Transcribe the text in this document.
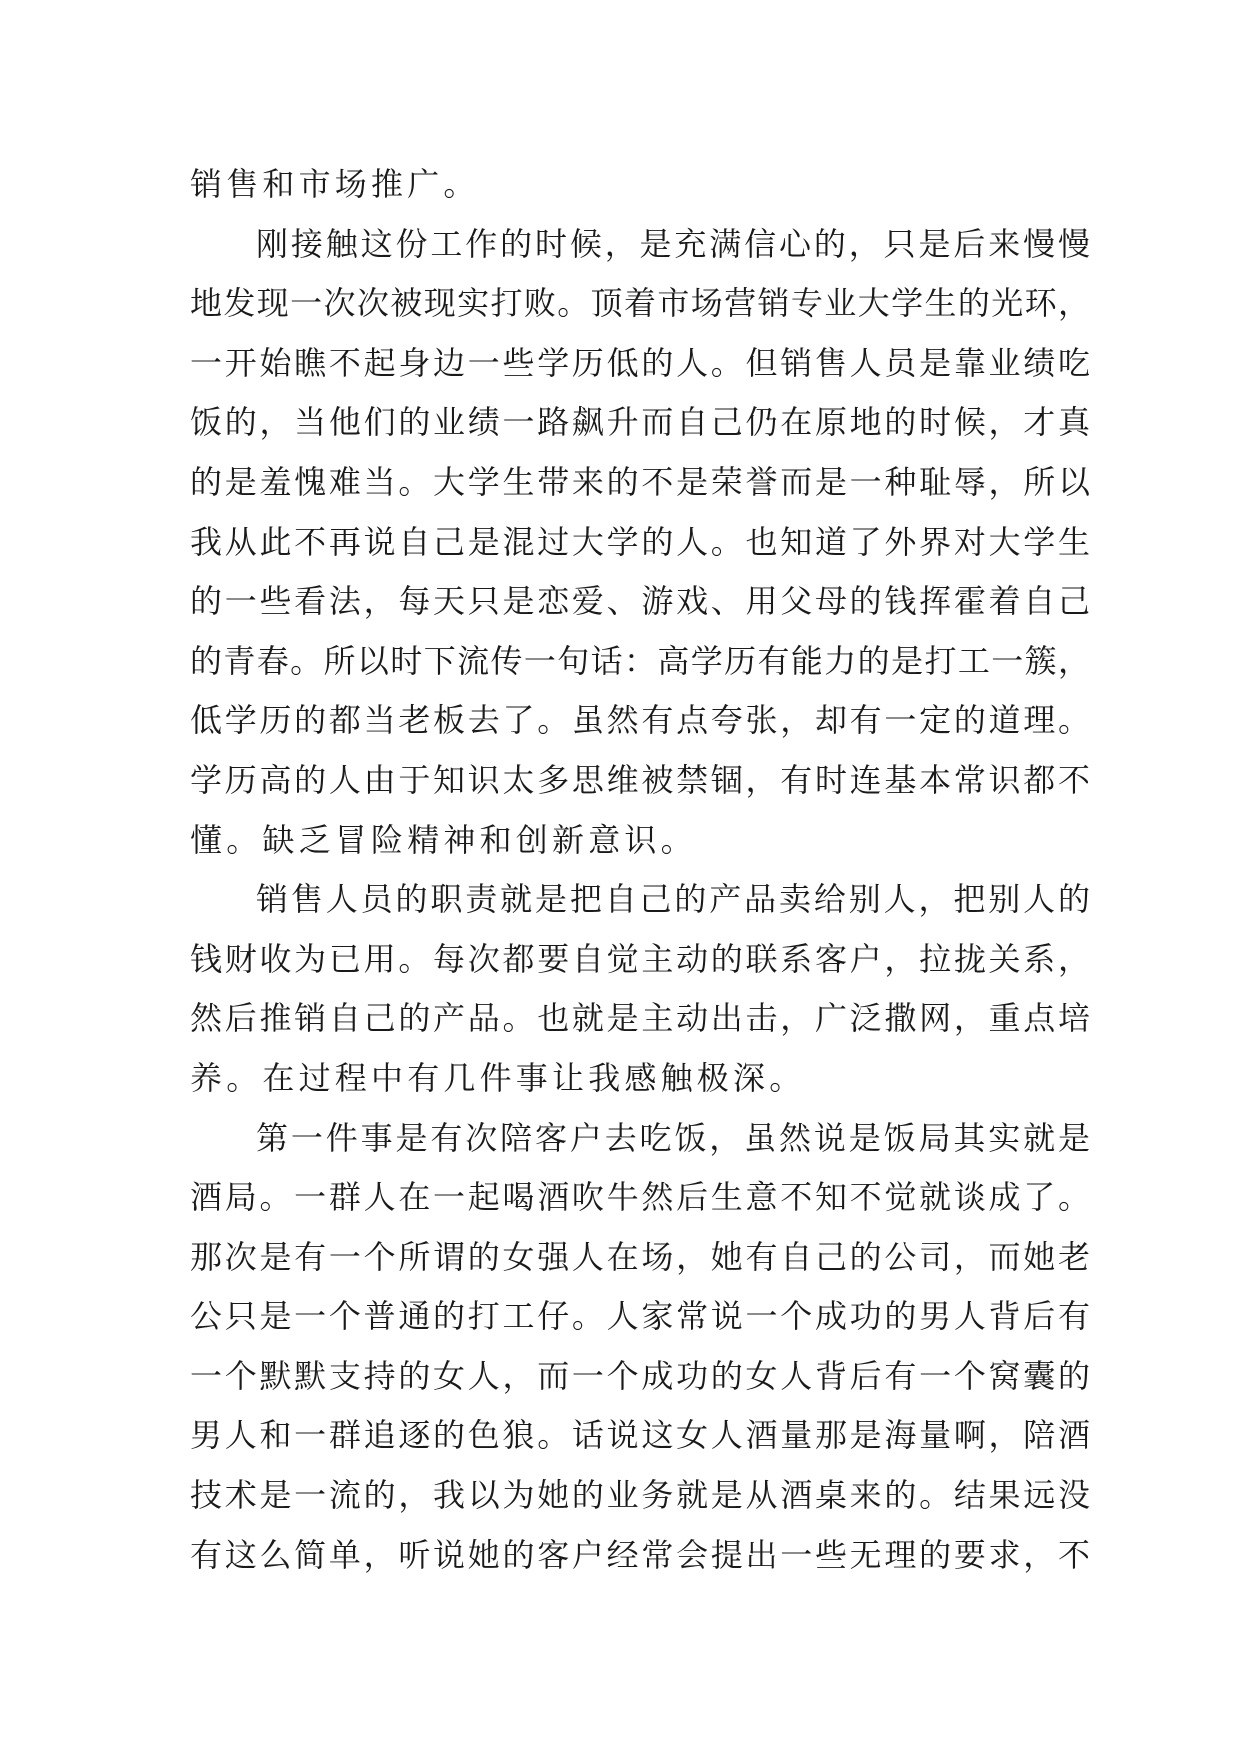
销售和市场推广。
刚接触这份工作的时候，是充满信心的，只是后来慢慢
地发现一次次被现实打败。顶着市场营销专业大学生的光环，
一开始瞧不起身边一些学历低的人。但销售人员是靠业绩吃
饭的，当他们的业绩一路飙升而自己仍在原地的时候，才真
的是羞愧难当。大学生带来的不是荣誉而是一种耻辱，所以
我从此不再说自己是混过大学的人。也知道了外界对大学生
的一些看法，每天只是恋爱、游戏、用父母的钱挥霍着自己
的青春。所以时下流传一句话：高学历有能力的是打工一簇，
低学历的都当老板去了。虽然有点夸张，却有一定的道理。
学历高的人由于知识太多思维被禁锢，有时连基本常识都不
懂。缺乏冒险精神和创新意识。
销售人员的职责就是把自己的产品卖给别人，把别人的
钱财收为已用。每次都要自觉主动的联系客户，拉拢关系，
然后推销自己的产品。也就是主动出击，广泛撒网，重点培
养。在过程中有几件事让我感触极深。
第一件事是有次陪客户去吃饭，虽然说是饭局其实就是
酒局。一群人在一起喝酒吹牛然后生意不知不觉就谈成了。
那次是有一个所谓的女强人在场，她有自己的公司，而她老
公只是一个普通的打工仔。人家常说一个成功的男人背后有
一个默默支持的女人，而一个成功的女人背后有一个窝囊的
男人和一群追逐的色狼。话说这女人酒量那是海量啊，陪酒
技术是一流的，我以为她的业务就是从酒桌来的。结果远没
有这么简单，听说她的客户经常会提出一些无理的要求，不
